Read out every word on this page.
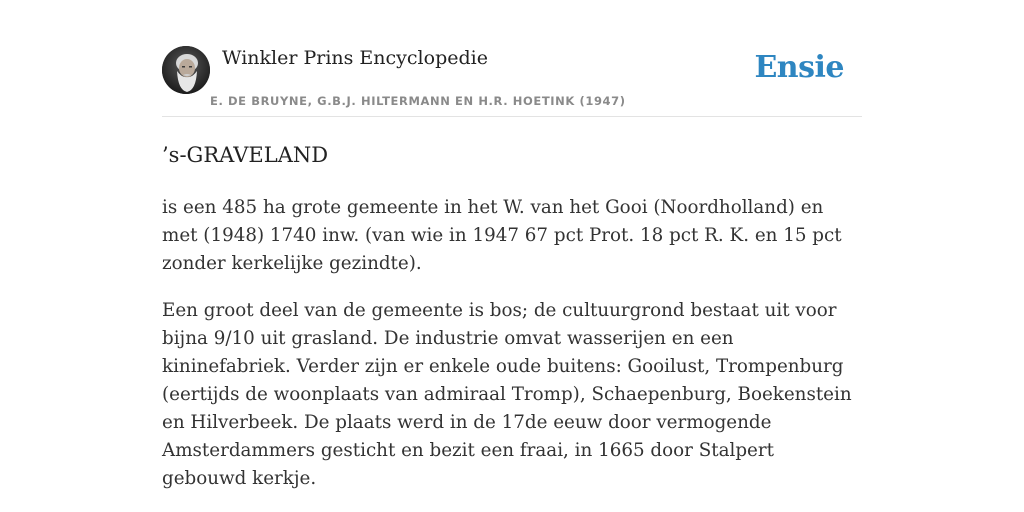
Winkler Prins Encyclopedie
E. DE BRUYNE, G.B.J. HILTERMANN EN H.R. HOETINK (1947)
Ensie
’s-GRAVELAND

is een 485 ha grote gemeente in het W. van het Gooi (Noordholland) en met (1948) 1740 inw. (van wie in 1947 67 pct Prot. 18 pct R. K. en 15 pct zonder kerkelijke gezindte).

Een groot deel van de gemeente is bos; de cultuurgrond bestaat uit voor bijna 9/10 uit grasland. De industrie omvat wasserijen en een kininefabriek. Verder zijn er enkele oude buitens: Gooilust, Trompenburg (eertijds de woonplaats van admiraal Tromp), Schaepenburg, Boekenstein en Hilverbeek. De plaats werd in de 17de eeuw door vermogende Amsterdammers gesticht en bezit een fraai, in 1665 door Stalpert gebouwd kerkje.
